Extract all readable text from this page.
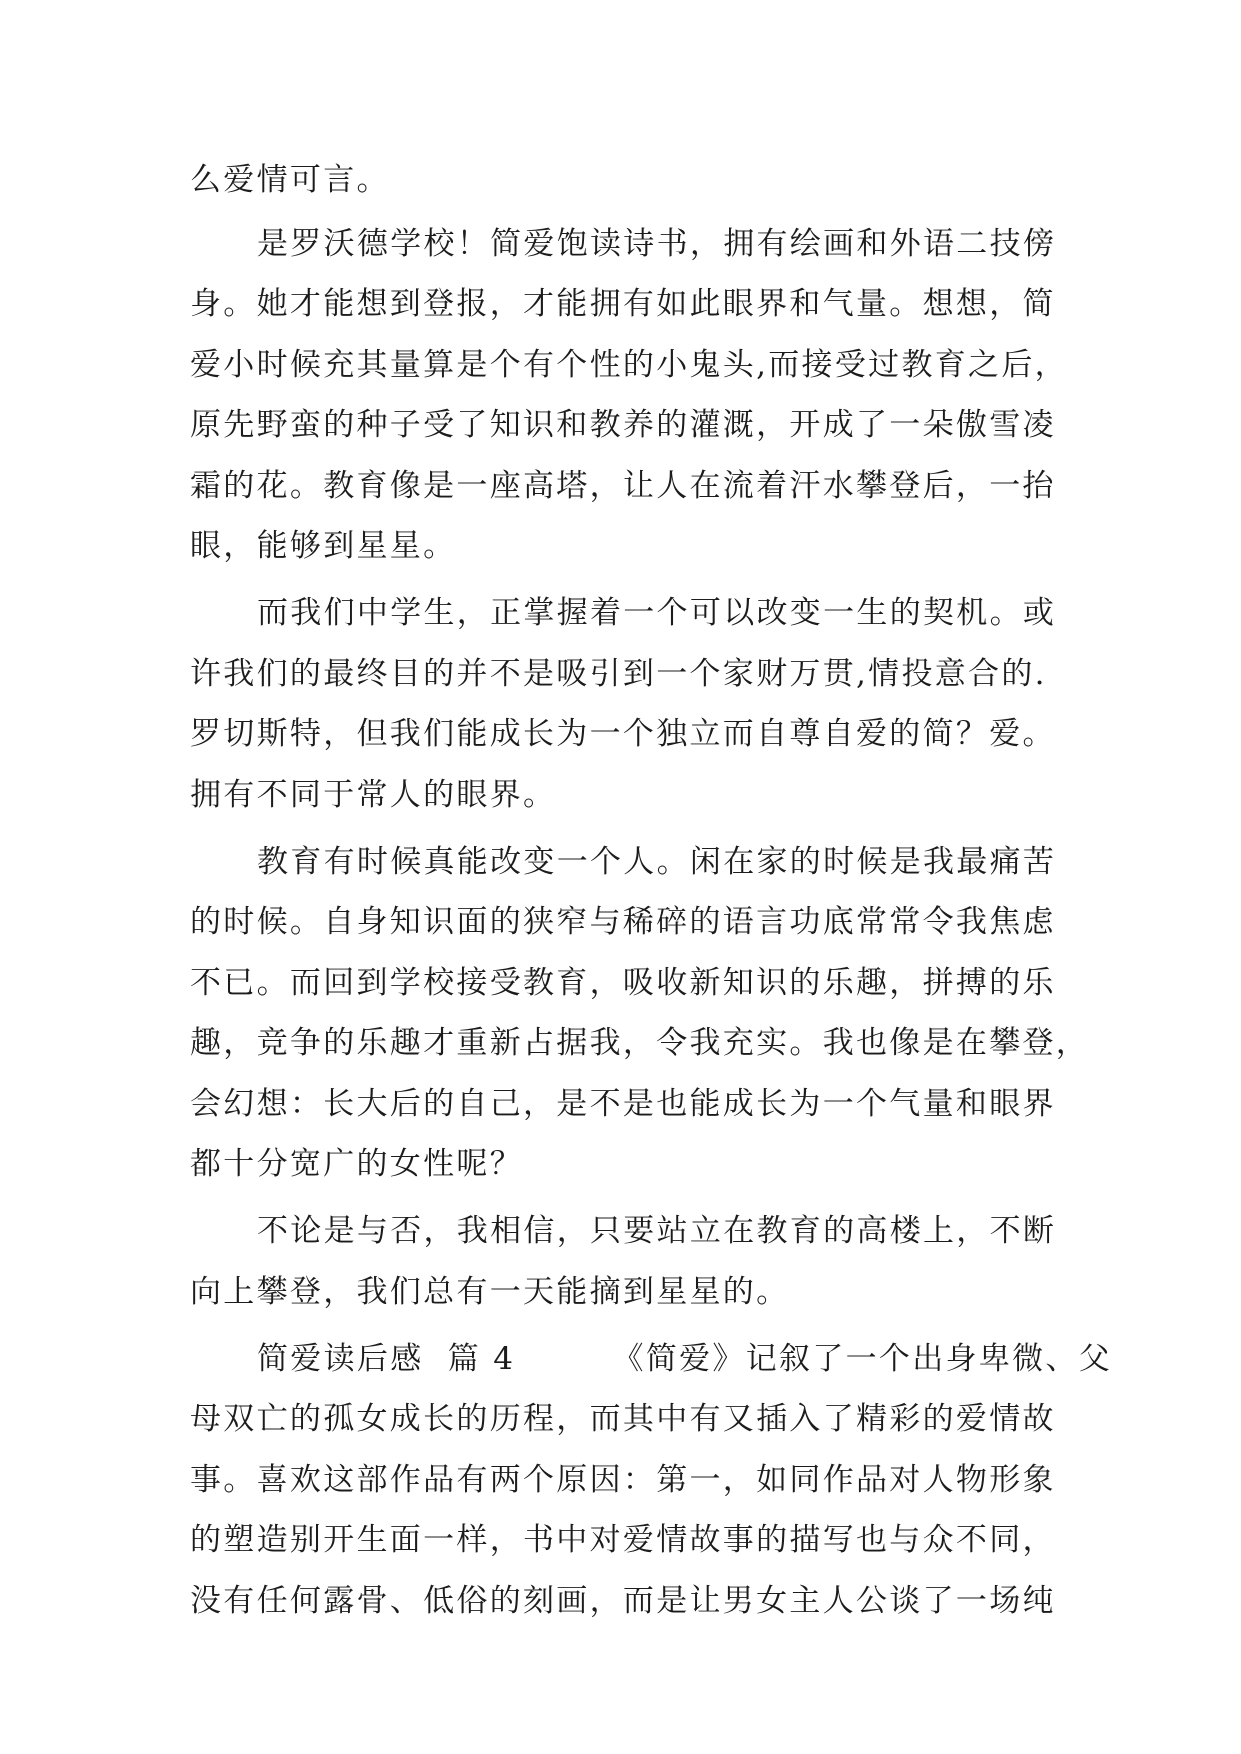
么爱情可言。
是罗沃德学校！简爱饱读诗书，拥有绘画和外语二技傍
身。她才能想到登报，才能拥有如此眼界和气量。想想，简
爱小时候充其量算是个有个性的小鬼头,而接受过教育之后，
原先野蛮的种子受了知识和教养的灌溉，开成了一朵傲雪凌
霜的花。教育像是一座高塔，让人在流着汗水攀登后，一抬
眼，能够到星星。
而我们中学生，正掌握着一个可以改变一生的契机。或
许我们的最终目的并不是吸引到一个家财万贯,情投意合的.
罗切斯特，但我们能成长为一个独立而自尊自爱的简？爱。
拥有不同于常人的眼界。
教育有时候真能改变一个人。闲在家的时候是我最痛苦
的时候。自身知识面的狭窄与稀碎的语言功底常常令我焦虑
不已。而回到学校接受教育，吸收新知识的乐趣，拼搏的乐
趣，竞争的乐趣才重新占据我，令我充实。我也像是在攀登，
会幻想：长大后的自己，是不是也能成长为一个气量和眼界
都十分宽广的女性呢？
不论是与否，我相信，只要站立在教育的高楼上，不断
向上攀登，我们总有一天能摘到星星的。
简爱读后感  篇 4        《简爱》记叙了一个出身卑微、父
母双亡的孤女成长的历程，而其中有又插入了精彩的爱情故
事。喜欢这部作品有两个原因：第一，如同作品对人物形象
的塑造别开生面一样，书中对爱情故事的描写也与众不同，
没有任何露骨、低俗的刻画，而是让男女主人公谈了一场纯
